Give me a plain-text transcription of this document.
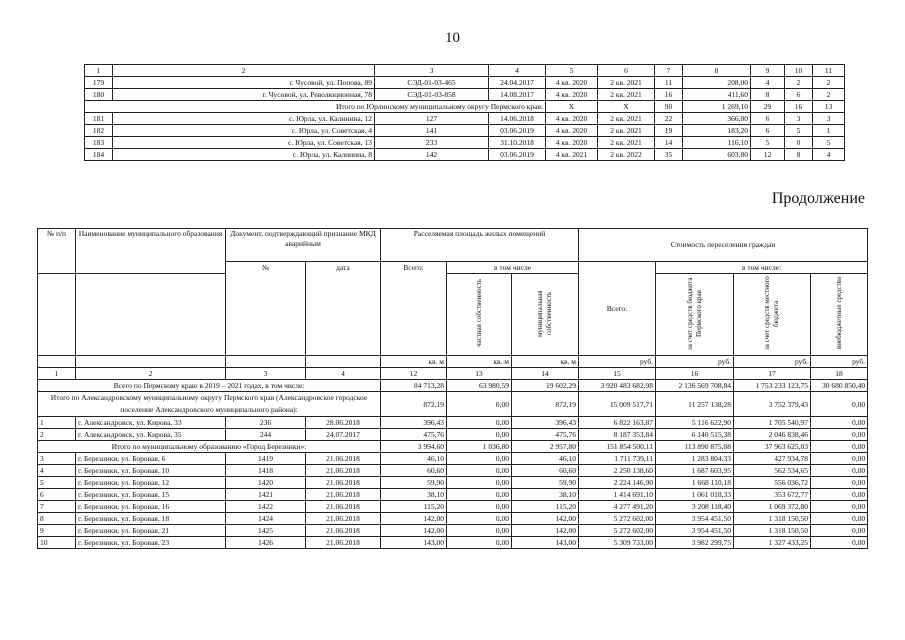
10
1	2	3	4	5	6	7	8	9	10	11
179	г. Чусовой, ул. Попова, 89	СЭД-01-03-465	24.04.2017	4 кв. 2020	2 кв. 2021	11	208,00	4	2	2
180	г. Чусовой, ул. Революционная, 78	СЭД-01-03-858	14.08.2017	4 кв. 2020	2 кв. 2021	16	411,60	8	6	2
Итого по Юрлинскому муниципальному округу Пермского края:				X	X	90	1 269,10	29	16	13
181	с. Юрла, ул. Калинина, 12	127	14.06.2018	4 кв. 2020	2 кв. 2021	22	366,00	6	3	3
182	с. Юрла, ул. Советская, 4	141	03.06.2019	4 кв. 2020	2 кв. 2021	19	183,20	6	5	1
183	с. Юрла, ул. Советская, 13	233	31.10.2018	4 кв. 2020	2 кв. 2021	14	116,10	5	0	5
184	с. Юрла, ул. Калинина, 8	142	03.06.2019	4 кв. 2021	2 кв. 2022	35	603,80	12	8	4
Продолжение
№ п/п	Наименование муниципального образования	Документ, подтверждающий признание МКД аварийным		Расселяемая площадь жилых помещений			Стоимость переселения граждан			
		№	дата	Всего:	в том числе		Всего:	в том числе:		
					частная собственность	муниципальная собственность		за счет средств бюджета Пермского края	за счет средств местного бюджета	внебюджетные средства
				кв. м	кв. м	кв. м	руб.	руб.	руб.	руб.
1	2	3	4	12	13	14	15	16	17	18
Всего по Пермскому краю в 2019 – 2021 годах, в том числе:				84 713,28	63 980,59	19 602,29	3 920 483 682,98	2 136 569 708,84	1 753 233 123,75	30 680 850,40
Итого по Александровскому муниципальному округу Пермского края (Александровское городское поселение Александровского муниципального района):				872,19	0,00	872,19	15 009 517,71	11 257 138,28	3 752 379,43	0,00
1	г. Александровск, ул. Кирова, 33	236	28.06.2018	396,43	0,00	396,43	6 822 163,87	5 116 622,90	1 705 540,97	0,00
2	г. Александровск, ул. Кирова, 35	244	24.07.2017	475,76	0,00	475,76	8 187 353,84	6 140 515,38	2 046 838,46	0,00
Итого по муниципальному образованию «Город Березники»:				3 994,60	1 036,80	2 957,80	151 854 500,11	113 890 875,08	37 963 625,03	0,00
3	г. Березники, ул. Боровая, 6	1419	21.06.2018	46,10	0,00	46,10	1 711 739,11	1 283 804,33	427 934,78	0,00
4	г. Березники, ул. Боровая, 10	1418	21.06.2018	60,60	0,00	60,60	2 250 138,60	1 687 603,95	562 534,65	0,00
5	г. Березники, ул. Боровая, 12	1420	21.06.2018	59,90	0,00	59,90	2 224 146,90	1 668 110,18	556 036,72	0,00
6	г. Березники, ул. Боровая, 15	1421	21.06.2018	38,10	0,00	38,10	1 414 691,10	1 061 018,33	353 672,77	0,00
7	г. Березники, ул. Боровая, 16	1422	21.06.2018	115,20	0,00	115,20	4 277 491,20	3 208 118,40	1 069 372,80	0,00
8	г. Березники, ул. Боровая, 18	1424	21.06.2018	142,00	0,00	142,00	5 272 602,00	3 954 451,50	1 318 150,50	0,00
9	г. Березники, ул. Боровая, 21	1425	21.06.2018	142,00	0,00	142,00	5 272 602,00	3 954 451,50	1 318 150,50	0,00
10	г. Березники, ул. Боровая, 23	1426	21.06.2018	143,00	0,00	143,00	5 309 733,00	3 982 299,75	1 327 433,25	0,00
